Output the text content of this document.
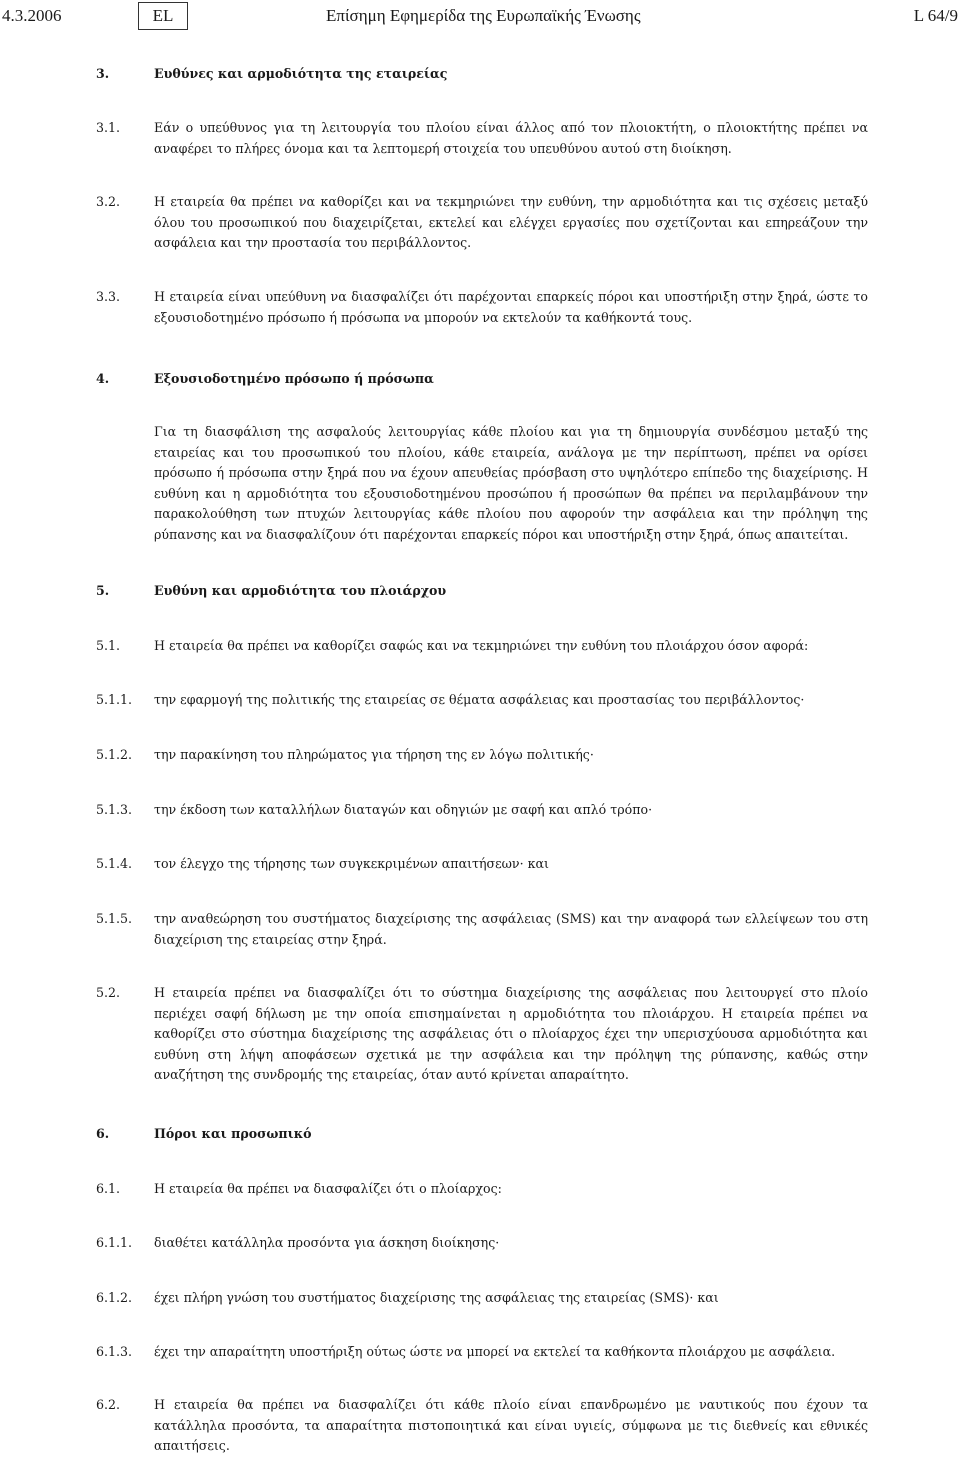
4.3.2006	EL	Επίσημη Εφημερίδα της Ευρωπαϊκής Ένωσης	L 64/9
3.	Ευθύνες και αρμοδιότητα της εταιρείας
3.1.	Εάν ο υπεύθυνος για τη λειτουργία του πλοίου είναι άλλος από τον πλοιοκτήτη, ο πλοιοκτήτης πρέπει να αναφέρει το πλήρες όνομα και τα λεπτομερή στοιχεία του υπευθύνου αυτού στη διοίκηση.
3.2.	Η εταιρεία θα πρέπει να καθορίζει και να τεκμηριώνει την ευθύνη, την αρμοδιότητα και τις σχέσεις μεταξύ όλου του προσωπικού που διαχειρίζεται, εκτελεί και ελέγχει εργασίες που σχετίζονται και επηρεάζουν την ασφάλεια και την προστασία του περιβάλλοντος.
3.3.	Η εταιρεία είναι υπεύθυνη να διασφαλίζει ότι παρέχονται επαρκείς πόροι και υποστήριξη στην ξηρά, ώστε το εξουσιοδοτημένο πρόσωπο ή πρόσωπα να μπορούν να εκτελούν τα καθήκοντά τους.
4.	Εξουσιοδοτημένο πρόσωπο ή πρόσωπα
Για τη διασφάλιση της ασφαλούς λειτουργίας κάθε πλοίου και για τη δημιουργία συνδέσμου μεταξύ της εταιρείας και του προσωπικού του πλοίου, κάθε εταιρεία, ανάλογα με την περίπτωση, πρέπει να ορίσει πρόσωπο ή πρόσωπα στην ξηρά που να έχουν απευθείας πρόσβαση στο υψηλότερο επίπεδο της διαχείρισης. Η ευθύνη και η αρμοδιότητα του εξουσιοδοτημένου προσώπου ή προσώπων θα πρέπει να περιλαμβάνουν την παρακολούθηση των πτυχών λειτουργίας κάθε πλοίου που αφορούν την ασφάλεια και την πρόληψη της ρύπανσης και να διασφαλίζουν ότι παρέχονται επαρκείς πόροι και υποστήριξη στην ξηρά, όπως απαιτείται.
5.	Ευθύνη και αρμοδιότητα του πλοιάρχου
5.1.	Η εταιρεία θα πρέπει να καθορίζει σαφώς και να τεκμηριώνει την ευθύνη του πλοιάρχου όσον αφορά:
5.1.1. την εφαρμογή της πολιτικής της εταιρείας σε θέματα ασφάλειας και προστασίας του περιβάλλοντος·
5.1.2. την παρακίνηση του πληρώματος για τήρηση της εν λόγω πολιτικής·
5.1.3. την έκδοση των καταλλήλων διαταγών και οδηγιών με σαφή και απλό τρόπο·
5.1.4. τον έλεγχο της τήρησης των συγκεκριμένων απαιτήσεων· και
5.1.5. την αναθεώρηση του συστήματος διαχείρισης της ασφάλειας (SMS) και την αναφορά των ελλείψεων του στη διαχείριση της εταιρείας στην ξηρά.
5.2.	Η εταιρεία πρέπει να διασφαλίζει ότι το σύστημα διαχείρισης της ασφάλειας που λειτουργεί στο πλοίο περιέχει σαφή δήλωση με την οποία επισημαίνεται η αρμοδιότητα του πλοιάρχου. Η εταιρεία πρέπει να καθορίζει στο σύστημα διαχείρισης της ασφάλειας ότι ο πλοίαρχος έχει την υπερισχύουσα αρμοδιότητα και ευθύνη στη λήψη αποφάσεων σχετικά με την ασφάλεια και την πρόληψη της ρύπανσης, καθώς στην αναζήτηση της συνδρομής της εταιρείας, όταν αυτό κρίνεται απαραίτητο.
6.	Πόροι και προσωπικό
6.1.	Η εταιρεία θα πρέπει να διασφαλίζει ότι ο πλοίαρχος:
6.1.1. διαθέτει κατάλληλα προσόντα για άσκηση διοίκησης·
6.1.2. έχει πλήρη γνώση του συστήματος διαχείρισης της ασφάλειας της εταιρείας (SMS)· και
6.1.3. έχει την απαραίτητη υποστήριξη ούτως ώστε να μπορεί να εκτελεί τα καθήκοντα πλοιάρχου με ασφάλεια.
6.2.	Η εταιρεία θα πρέπει να διασφαλίζει ότι κάθε πλοίο είναι επανδρωμένο με ναυτικούς που έχουν τα κατάλληλα προσόντα, τα απαραίτητα πιστοποιητικά και είναι υγιείς, σύμφωνα με τις διεθνείς και εθνικές απαιτήσεις.
